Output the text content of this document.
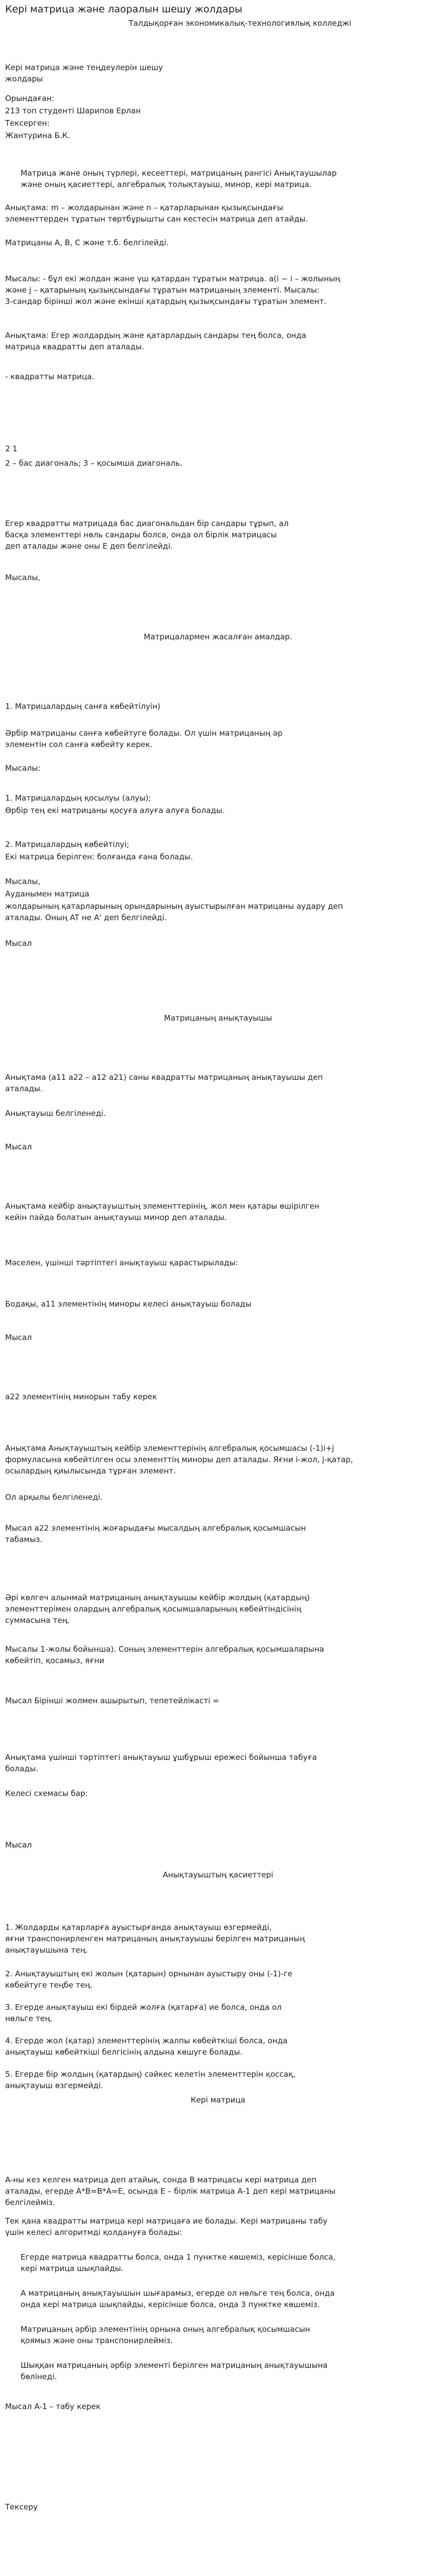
Кері матрица және лаоралын шешу жолдары

Талдықорған экономикалық-технологиялық колледжі

Кері матрица және теңдеулерін шешу
жолдары

Орындаған:

213 топ студенті Шарипов Ерлан

Тексерген:

Жантурина Б.К.

Матрица жане оның түрлері, кесееттері, матрицаның рангісі Анықтаушылар
және оның қасиеттері, алгебралық толықтауыш, минор, кері матрица.

Анықтама: m – жолдарынан және n – қатарларынан қызықсындағы
элементтерден тұратын төртбұрышты сан кестесін матрица деп атайды.

Матрицаны A, B, C және т.б. белгілейді.

Мысалы: - бұл екі жолдан және үш қатардан тұратын матрица. a(i ~ i – жолының
және j – қатарының қызықсындағы тұратын матрицаның элементі. Мысалы:
3-сандар бірінші жол және екінші қатардың қызықсындағы тұратын элемент.

Анықтама: Егер жолдардың және қатарлардың сандары тең болса, онда
матрица квадратты деп аталады.

- квадратты матрица.

2 1

2 – бас диагональ; 3 – қосымша диагональ.

Егер квадратты матрицада бас диагональдан бір сандары тұрып, ал
басқа элементтері нөль сандары болса, онда ол бірлік матрицасы
деп аталады және оны E деп белгілейді.

Мысалы,

Матрицалармен жасалған амалдар.

1. Матрицалардың санға көбейтілуін)

Әрбір матрицаны санға көбейтуге болады. Ол үшін матрицаның әр
элементін сол санға көбейту керек.

Мысалы:

1. Матрицалардың қосылуы (алуы);

Өрбір тең екі матрицаны қосуға алуға алуға болады.

2. Матрицалардың көбейтілуі;

Екі матрица берілген: болғанда ғана болады.

Мысалы,

Ауданымен матрица

жолдарының қатарларының орындарының ауыстырылған матрицаны аудару деп
аталады. Оның AT не A' деп белгілейді.

Мысал

Матрицаның анықтауышы

Анықтама (a11 a22 – a12 a21) саны квадратты матрицаның анықтауышы деп
аталады.

Анықтауыш белгіленеді.

Мысал

Анықтама кейбір анықтауыштың элементтерінің, жол мен қатары өшірілген
кейін пайда болатын анықтауыш минор деп аталады.

Мәселен, үшінші тәртіптегі анықтауыш қарастырылады:

Бодақы, а11 элементінің миноры келесі анықтауыш болады

Мысал

а22 элементінің минорын табу керек

Анықтама Анықтауыштың кейбір элементтерінің алгебралық қосымшасы (-1)i+j
формуласына көбейтілген осы элементтің миноры деп аталады. Яғни i-жол, j-қатар,
осылардың қиылысында тұрған элемент.

Ол арқылы белгіленеді.

Мысал а22 элементінің жоғарыдағы мысалдың алгебралық қосымшасын
табамыз.

Әрі көлгеч алынмай матрицаның анықтауышы кейбір жолдың (қатардың)
элементтерімен олардың алгебралық қосымшаларының көбейтіндісінің
суммасына тең.

Мысалы 1-жолы бойынша). Соның элементтерін алгебралық қосымшаларына
көбейтіп, қосамыз, яғни

Мысал Бірінші жолмен ашырытып, тепетейлікасті =

Анықтама үшінші тәртіптегі анықтауыш ұшбұрыш ережесі бойынша табуға
болады.

Келесі схемасы бар:

Мысал

Анықтауыштың қасиеттері

1. Жолдарды қатарларға ауыстырғанда анықтауыш өзгермейді,
яғни транспонирленген матрицаның анықтауышы берілген матрицаның
анықтауышына тең.

2. Анықтауыштың екі жолын (қатарын) орнынан ауыстыру оны (-1)-ге
көбейтуге теңбе тең.

3. Егерде анықтауыш екі бірдей жолға (қатарға) ие болса, онда ол
нөльге тең.

4. Егерде жол (қатар) элементтерінің жалпы көбейткіші болса, онда
анықтауыш көбейткіші белгісінің алдына көшуге болады.

5. Егерде бір жолдың (қатардың) сәйкес келетін элементтерін қоссақ,
анықтауыш өзгермейді.

Кері матрица

A-ны кез келген матрица деп атайық, сонда B матрицасы кері матрица деп
аталады, егерде A*B=B*A=E, осында E – бірлік матрица A-1 деп кері матрицаны
белгілейміз.

Тек қана квадратты матрица кері матрицаға ие болады. Кері матрицаны табу
үшін келесі алгоритмді қолдануға болады:

Егерде матрица квадратты болса, онда 1 пунктке көшеміз, керісінше болса,
кері матрица шықпайды.

A матрицаның анықтауышын шығарамыз, егерде ол нөльге тең болса, онда
онда кері матрица шықпайды, керісінше болса, онда 3 пунктке көшеміз.

Матрицаның әрбір элементінің орнына оның алгебралық қосымшасын
қоямыз және оны транспонирлейміз.

Шыққан матрицаның әрбір элементі берілген матрицаның анықтауышына
бөлінеді.

Мысал A-1 – табу керек

Тексеру
